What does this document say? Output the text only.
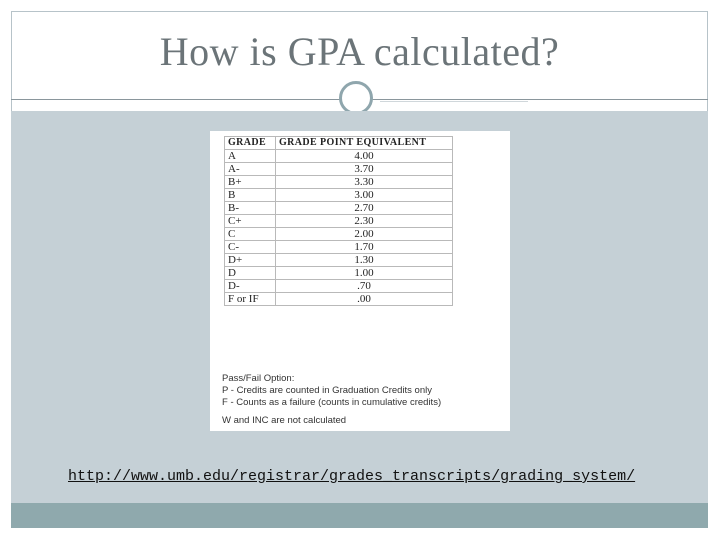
How is GPA calculated?
GRADE	GRADE POINT EQUIVALENT
A	4.00
A-	3.70
B+	3.30
B	3.00
B-	2.70
C+	2.30
C	2.00
C-	1.70
D+	1.30
D	1.00
D-	.70
F or IF	.00
Pass/Fail Option:
P - Credits are counted in Graduation Credits only
F - Counts as a failure (counts in cumulative credits)
W and INC are not calculated
http://www.umb.edu/registrar/grades_transcripts/grading_system/
